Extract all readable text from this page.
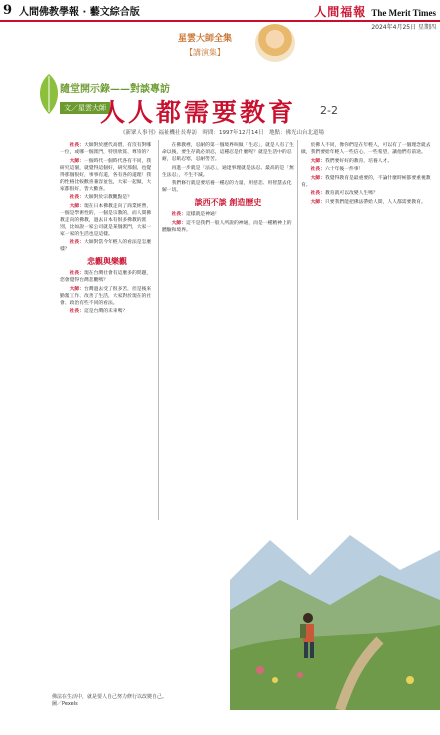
9 人間佛教學報 · 藝文綜合版	人間福報 The Merit Times
2024年4月25日 星期四
星雲大師全集
【講演集】
隨堂開示錄——對談專訪
文／星雲大師
人人都需要教育 2-2
《新眾人事刊》福祉機社長專訪　時間：1997年12月14日　地點：佛光山台北道場

社長：大師對於歷代高僧，有沒有對哪一位，或哪一個派門，特別欣賞、尊崇的？

大師：一個時代一個時代各有不同，我研究這個，就覺得這個好，研究那個，也覺得那個很好，事事有道，各有各的道理！我的性格比較歡喜兼容並包，大家一起做，大家都很好，皆大歡喜。

社長：大師對於宗教觀點是？

大師：現在日本佛教走向了商業經營，一個是學術性的，一個是宗教的，而人間佛教走向的佛教，過去日本有很多佛教的派別，比如說一家公司就是某個派門，大家一家一家的生活也是這樣。

社長：大師對當今年輕人的看法是怎麼樣？

悲觀與樂觀

社長：現在台灣社會有這麼多的問題，您會覺得台灣悲觀嗎？

大師：台灣過去受了很多苦，但是後來勤奮工作、改善了生活，大家對於現在的社會、政治有些不同的看法。

社長：這是台灣的未來嗎？

在佛教裡，忍耐的第一個境界叫做「生忍」，就是人有了生命以後，要生存就必須忍，這種忍是什麼呢？就是生活中的忍耐，忍飢忍寒，忍耐勞苦。

再進一步就是「法忍」，通達事理就是法忍。最高的是「無生法忍」，不生不滅。

我們修行就是要培養一種忍的力量，用慈悲、用智慧去化解一切。

談西不談 創造歷史

社長：這樣就是神通！

大師：這不是我們一般人所說的神通，而是一種精神上的體驗和境界。

於佛人不同，像你們是在年輕人，可以有了一個理念就去做，我們要給年輕人一些信心，一些希望，讓他們有前途。

大師：我們要好好的教育，培養人才。

社長：六十年後一件事！

大師：我覺得教育是最重要的，不論什麼時候都要重視教育。

社長：教育就可以改變人生嗎？

大師：只要我們能把佛法帶給人間，人人都需要教育。

佛法在生活中，就是要人自己努力修行以改變自己。圖／Pexels
